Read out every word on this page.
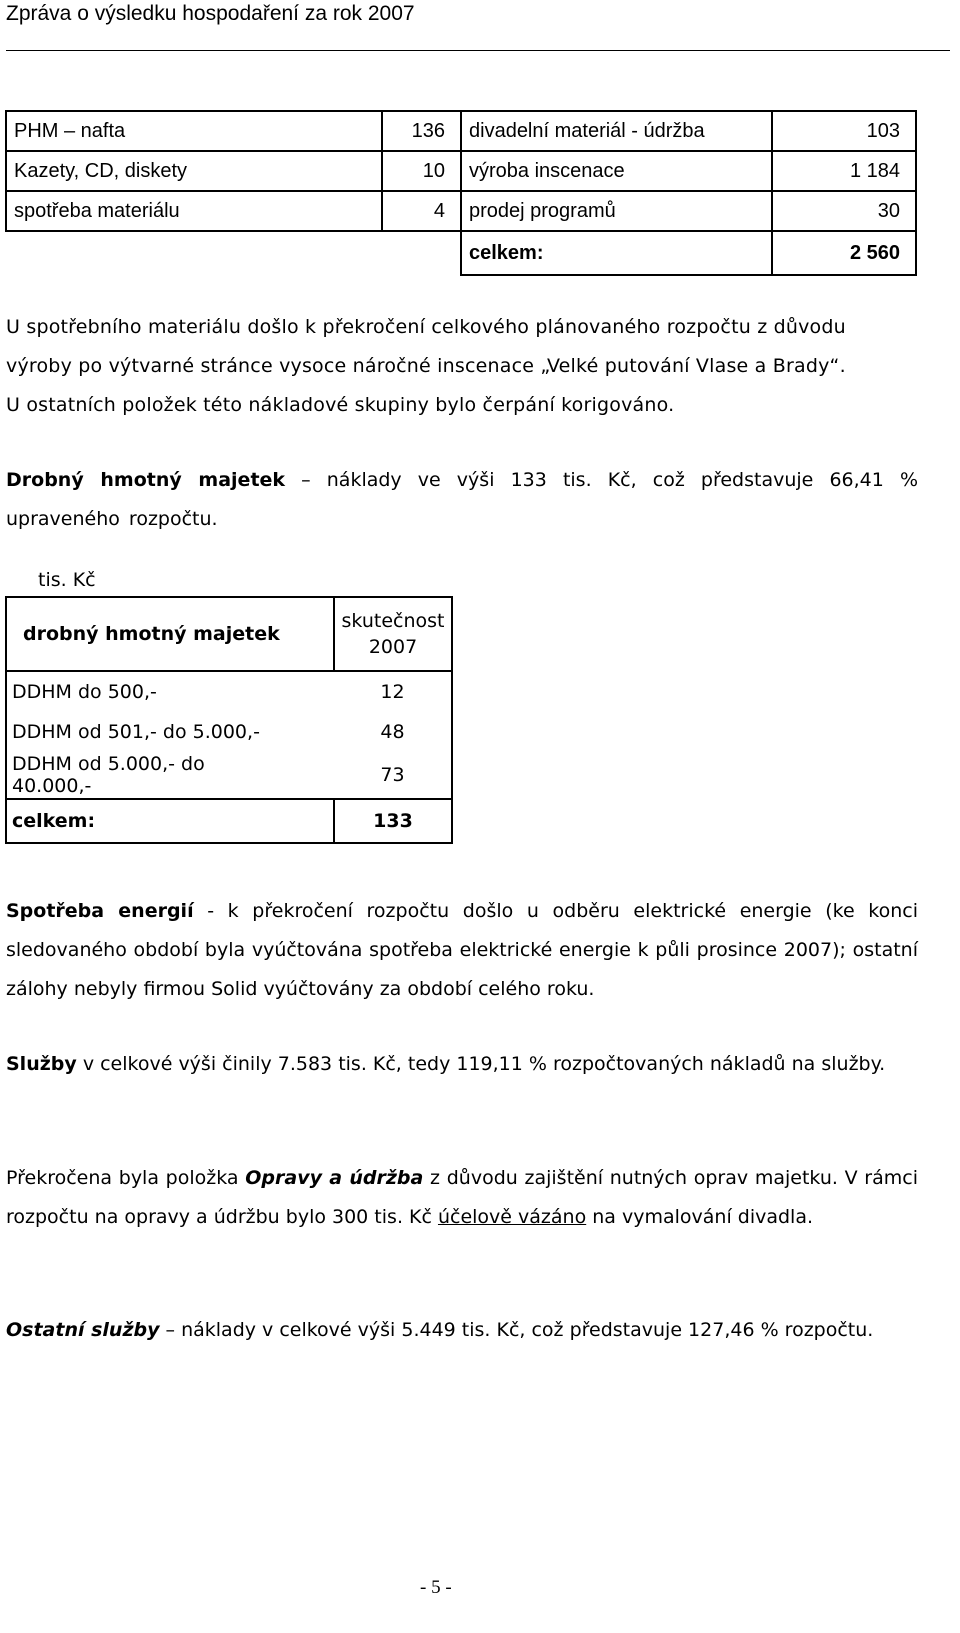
Zpráva o výsledku hospodaření za rok 2007
PHM – nafta	136	divadelní materiál - údržba	103
Kazety, CD, diskety	10	výroba inscenace	1 184
spotřeba materiálu	4	prodej programů	30
		celkem:	2 560
U spotřebního materiálu došlo k překročení celkového plánovaného rozpočtu z důvodu
výroby po výtvarné stránce vysoce náročné inscenace „Velké putování Vlase a Brady“.
U ostatních položek této nákladové skupiny bylo čerpání korigováno.

Drobný hmotný majetek – náklady ve výši 133 tis. Kč, což představuje 66,41 % upraveného rozpočtu.

tis. Kč
drobný hmotný majetek	skutečnost
2007

DDHM do 500,-	12
DDHM od 501,- do 5.000,-	48

DDHM od 5.000,- do
40.000,-	73
celkem:	133

Spotřeba energií - k překročení rozpočtu došlo u odběru elektrické energie (ke konci sledovaného období byla vyúčtována spotřeba elektrické energie k půli prosince 2007); ostatní zálohy nebyly firmou Solid vyúčtovány za období celého roku.

Služby v celkové výši činily 7.583 tis. Kč, tedy 119,11 % rozpočtovaných nákladů na služby.

Překročena byla položka Opravy a údržba z důvodu zajištění nutných oprav majetku. V rámci rozpočtu na opravy a údržbu bylo 300 tis. Kč účelově vázáno na vymalování divadla.

Ostatní služby – náklady v celkové výši 5.449 tis. Kč, což představuje 127,46 % rozpočtu.

- 5 -
